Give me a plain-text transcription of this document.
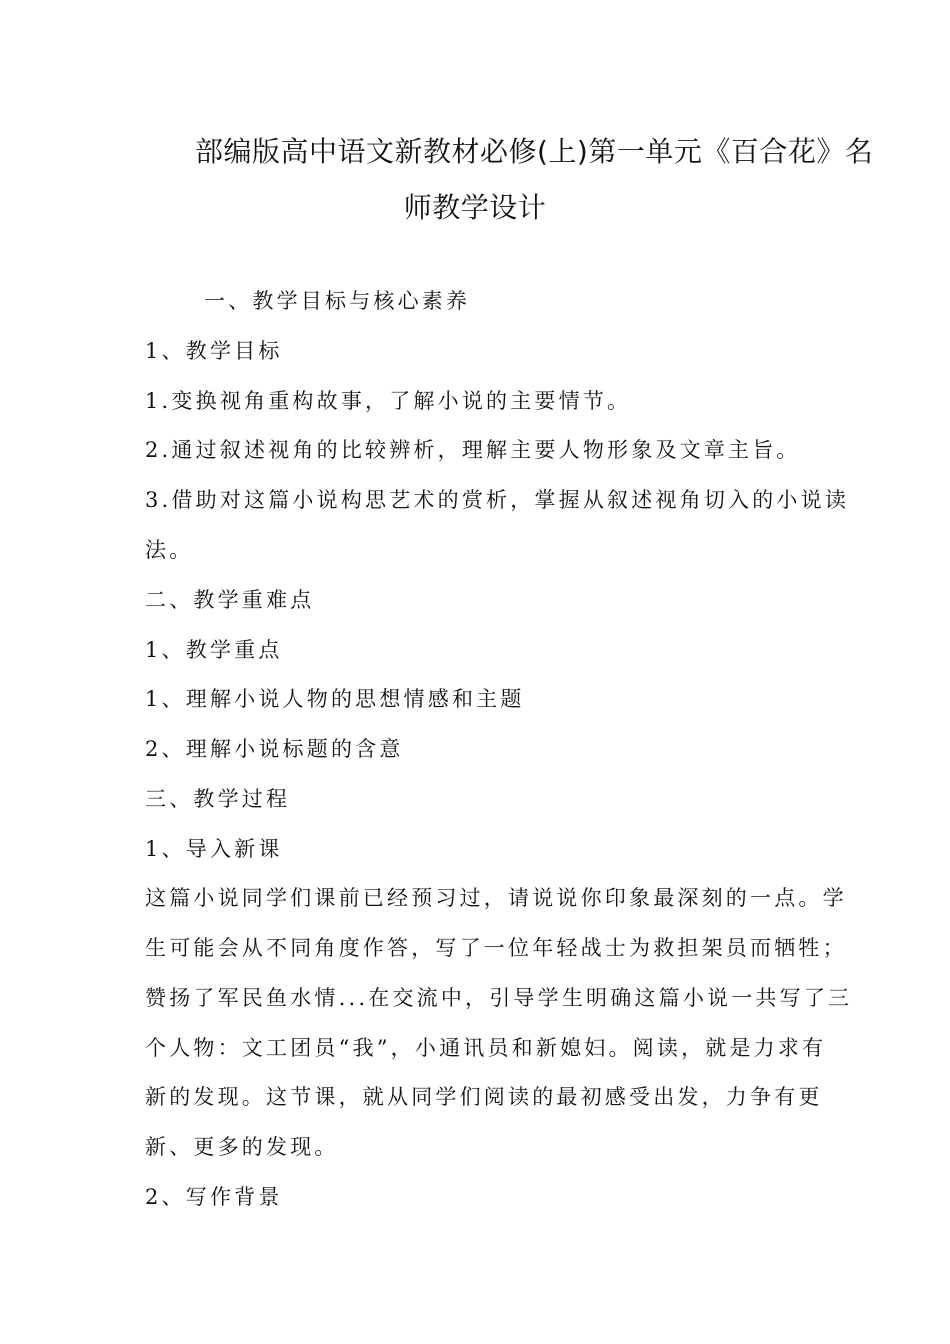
部编版高中语文新教材必修(上)第一单元《百合花》名
师教学设计
一、教学目标与核心素养
1、教学目标
1.变换视角重构故事，了解小说的主要情节。
2.通过叙述视角的比较辨析，理解主要人物形象及文章主旨。
3.借助对这篇小说构思艺术的赏析，掌握从叙述视角切入的小说读
法。
二、教学重难点
1、教学重点
1、理解小说人物的思想情感和主题
2、理解小说标题的含意
三、教学过程
1、导入新课
这篇小说同学们课前已经预习过，请说说你印象最深刻的一点。学
生可能会从不同角度作答，写了一位年轻战士为救担架员而牺牲；
赞扬了军民鱼水情...在交流中，引导学生明确这篇小说一共写了三
个人物：文工团员“我”，小通讯员和新媳妇。阅读，就是力求有
新的发现。这节课，就从同学们阅读的最初感受出发，力争有更
新、更多的发现。
2、写作背景
